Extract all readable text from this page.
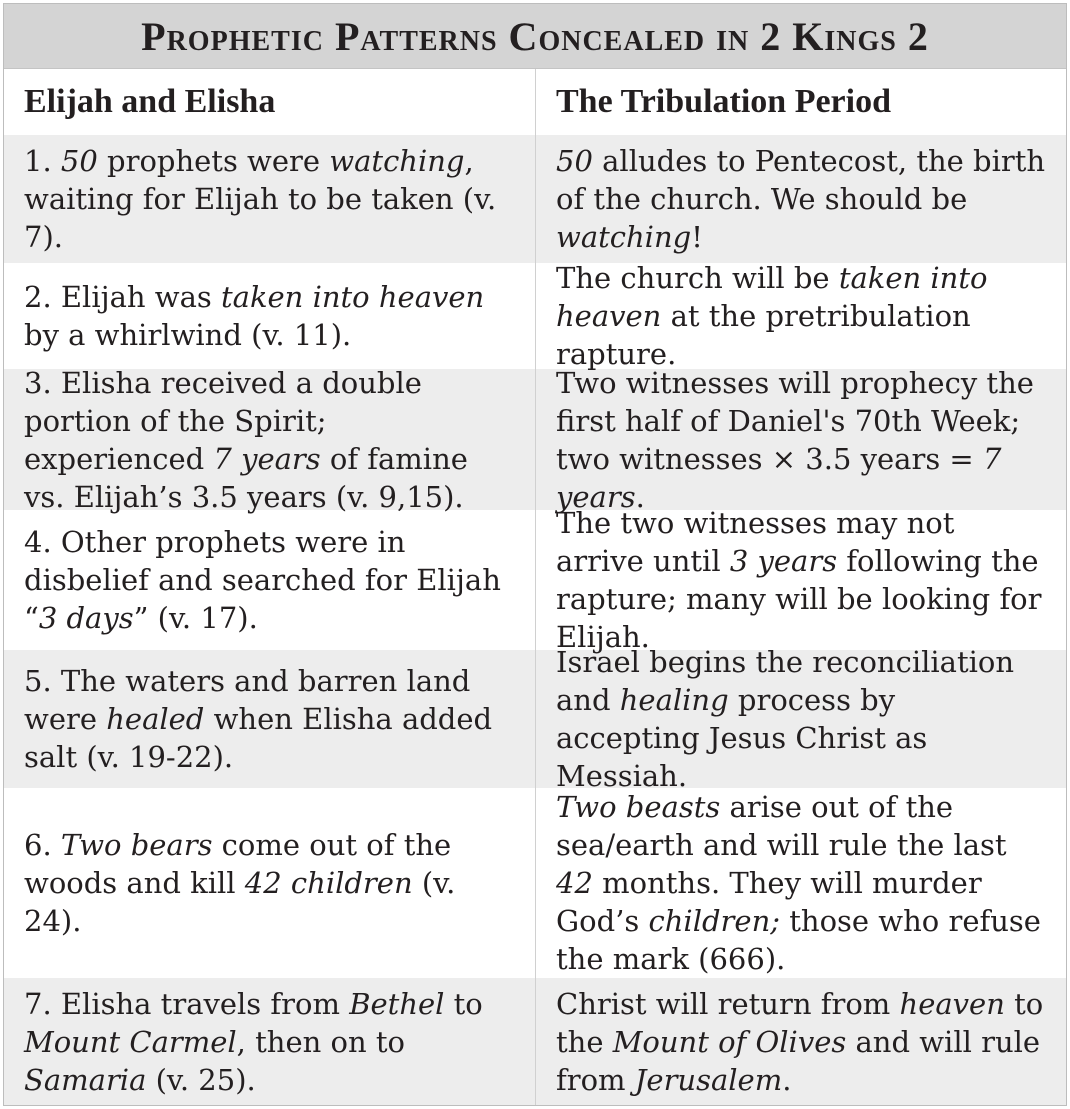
Prophetic Patterns Concealed in 2 Kings 2
Elijah and Elisha	The Tribulation Period
1. 50 prophets were watching, waiting for Elijah to be taken (v. 7).
50 alludes to Pentecost, the birth of the church. We should be watching!
2. Elijah was taken into heaven by a whirlwind (v. 11).
The church will be taken into heaven at the pretribulation rapture.
3. Elisha received a double portion of the Spirit; experienced 7 years of famine vs. Elijah’s 3.5 years (v. 9,15).
Two witnesses will prophecy the first half of Daniel's 70th Week; two witnesses × 3.5 years = 7 years.
4. Other prophets were in disbelief and searched for Elijah “3 days” (v. 17).
The two witnesses may not arrive until 3 years following the rapture; many will be looking for Elijah.
5. The waters and barren land were healed when Elisha added salt (v. 19-22).
Israel begins the reconciliation and healing process by accepting Jesus Christ as Messiah.
6. Two bears come out of the woods and kill 42 children (v. 24).
Two beasts arise out of the sea/earth and will rule the last 42 months. They will murder God’s children; those who refuse the mark (666).
7. Elisha travels from Bethel to Mount Carmel, then on to Samaria (v. 25).
Christ will return from heaven to the Mount of Olives and will rule from Jerusalem.
